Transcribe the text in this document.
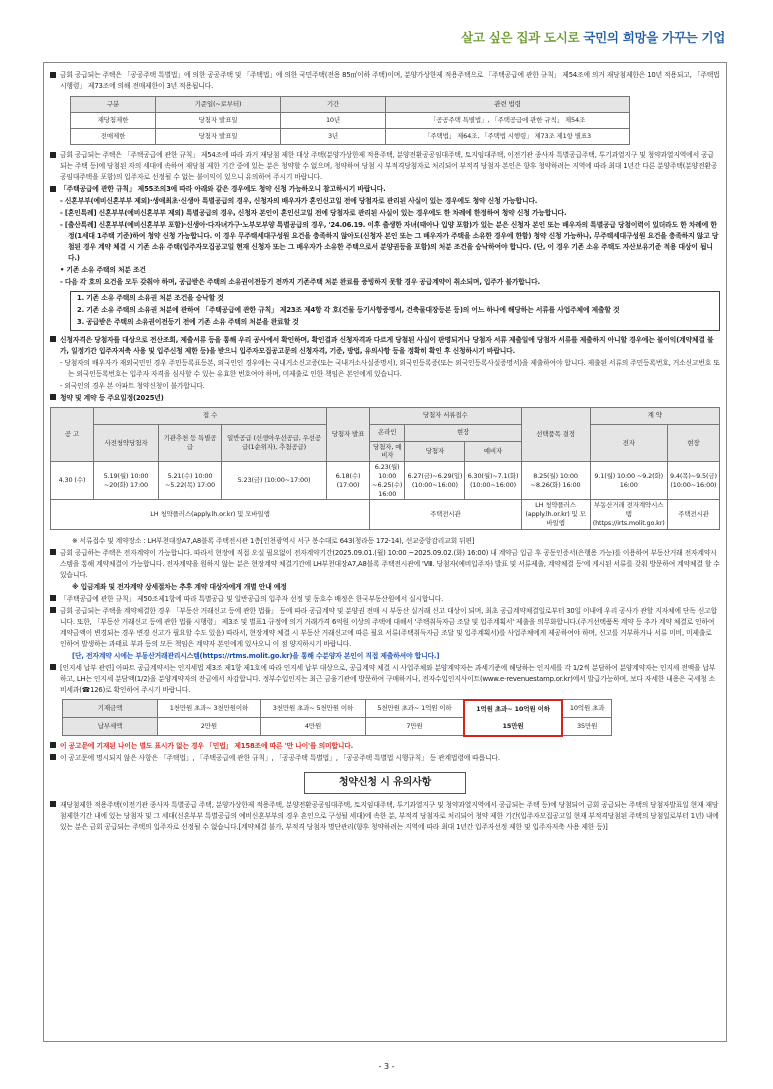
살고 싶은 집과 도시로 국민의 희망을 가꾸는 기업
금회 공급되는 주택은 「공공주택 특별법」에 의한 공공주택 및 「주택법」에 의한 국민주택(전용 85㎡이하 주택)이며, 분양가상한제 적용주택으로 「주택공급에 관한 규칙」 제54조에 의거 재당첨제한은 10년 적용되고, 「주택법 시행령」 제73조에 의해 전매제한이 3년 적용됩니다.
구분	기준일(~로부터)	기간	관련 법령
재당첨제한	당첨자 발표일	10년	「공공주택 특별법」, 「주택공급에 관한 규칙」 제54조
전매제한	당첨자 발표일	3년	「주택법」 제64조, 「주택법 시행령」 제73조 제1항 별표3
금회 공급되는 주택은 「주택공급에 관한 규칙」 제54조에 따라 과거 재당첨 제한 대상 주택(분양가상한제 적용주택, 분양전환공공임대주택, 토지임대주택, 이전기관 종사자 특별공급주택, 투기과열지구 및 청약과열지역에서 공급되는 주택 등)에 당첨된 자의 세대에 속하여 재당첨 제한 기간 중에 있는 분은 청약할 수 없으며, 청약하여 당첨 시 부적격당첨자로 처리되어 부적격 당첨자 본인은 향후 청약하려는 지역에 따라 최대 1년간 다른 분양주택(분양전환공공임대주택을 포함)의 입주자로 선정될 수 없는 불이익이 있으니 유의하여 주시기 바랍니다.
「주택공급에 관한 규칙」 제55조의3에 따라 아래와 같은 경우에도 청약 신청 가능하오니 참고하시기 바랍니다.
- 신혼부부(예비신혼부부 제외)·생애최초·신생아 특별공급의 경우, 신청자의 배우자가 혼인신고일 전에 당첨자로 관리된 사실이 있는 경우에도 청약 신청 가능합니다.
- [혼인특례] 신혼부부(예비신혼부부 제외) 특별공급의 경우, 신청자 본인이 혼인신고일 전에 당첨자로 관리된 사실이 있는 경우에도 한 차례에 한정하여 청약 신청 가능합니다.
- [출산특례] 신혼부부(예비신혼부부 포함)·신생아·다자녀가구·노부모부양 특별공급의 경우, '24.06.19. 이후 출생한 자녀(태아나 입양 포함)가 있는 분은 신청자 본인 또는 배우자의 특별공급 당첨이력이 있더라도 한 차례에 한정(1세대 1주택 기준)하여 청약 신청 가능합니다. 이 경우 무주택세대구성원 요건을 충족하지 않아도(신청자 본인 또는 그 배우자가 주택을 소유한 경우에 한함) 청약 신청 가능하나, 무주택세대구성원 요건을 충족하지 않고 당첨된 경우 계약 체결 시 기존 소유 주택(입주자모집공고일 현재 신청자 또는 그 배우자가 소유한 주택으로서 분양권등을 포함)의 처분 조건을 승낙하여야 합니다. (단, 이 경우 기존 소유 주택도 자산보유기준 적용 대상이 됩니다.)
• 기존 소유 주택의 처분 조건
- 다음 각 호의 요건을 모두 갖춰야 하며, 공급받은 주택의 소유권이전등기 전까지 기존주택 처분 완료를 증빙하지 못할 경우 공급계약이 취소되며, 입주가 불가합니다.
1. 기존 소유 주택의 소유권 처분 조건을 승낙할 것
2. 기존 소유 주택의 소유권 처분에 관하여 「주택공급에 관한 규칙」 제23조 제4항 각 호(건물 등기사항증명서, 건축물대장등본 등)의 어느 하나에 해당하는 서류를 사업주체에 제출할 것
3. 공급받은 주택의 소유권이전등기 전에 기존 소유 주택의 처분을 완료할 것
신청자격은 당첨자를 대상으로 전산조회, 제출서류 등을 통해 우리 공사에서 확인하며, 확인결과 신청자격과 다르게 당첨된 사실이 판명되거나 당첨자 서류 제출일에 당첨자 서류를 제출하지 아니할 경우에는 불이익(계약체결 불가, 일정기간 입주자저축 사용 및 입주신청 제한 등)을 받으니 입주자모집공고문의 신청자격, 기준, 방법, 유의사항 등을 정확히 확인 후 신청하시기 바랍니다.
- 당첨자의 배우자가 재외국민인 경우 주민등록표등본, 외국인인 경우에는 국내거소신고증(또는 국내거소사실증명서), 외국인등록증(또는 외국인등록사실증명서)을 제출하여야 합니다. 제출된 서류의 주민등록번호, 거소신고번호 또는 외국인등록번호는 입주자 자격을 심사할 수 있는 유효한 번호여야 하며, 미제출로 인한 책임은 본인에게 있습니다.
- 외국인의 경우 본 아파트 청약신청이 불가합니다.
청약 및 계약 등 주요일정(2025년)
공 고	접 수			당첨자 발표	당첨자 서류접수			선택품목 결정	계 약	
	사전청약당첨자	기관추천 등 특별공급	일반공급 (신생아우선공급, 우선공급(1순위자), 추첨공급)		온라인	현장			전자	현장
					당첨자, 예비자	당첨자	예비자			
4.30 (수)	5.19(월) 10:00 ~20(화) 17:00	5.21(수) 10:00 ~5.22(목) 17:00	5.23(금) (10:00~17:00)	6.18(수) (17:00)	6.23(월) 10:00 ~6.25(수) 16:00	6.27(금)~6.29(일) (10:00~16:00)	6.30(월)~7.1(화) (10:00~16:00)	8.25(월) 10:00 ~8.26(화) 16:00	9.1(월) 10:00 ~9.2(화) 16:00	9.4(목)~9.5(금) (10:00~16:00)
LH 청약플러스(apply.lh.or.kr) 및 모바일앱					주택전시관			LH 청약플러스 (apply.lh.or.kr) 및 모바일앱	부동산거래 전자계약시스템 (https://irts.molit.go.kr)	주택전시관
※ 서류접수 및 계약장소 : LH부천대장A7,A8블록 주택전시관 1층[인천광역시 서구 봉수대로 643(청라동 172-14), 선교중앙감리교회 뒤편]
금회 공급하는 주택은 전자계약이 가능합니다. 따라서 현장에 직접 오실 필요없이 전자계약기간(2025.09.01.(월) 10:00 ~2025.09.02.(화) 16:00) 내 계약금 입금 후 공동인증서(은행용 가능)를 이용하여 부동산거래 전자계약시스템을 통해 계약체결이 가능합니다. 전자계약을 원하지 않는 분은 현장계약 체결기간에 LH부천대장A7,A8블록 주택전시관에 'Ⅷ. 당첨자(예비입주자) 발표 및 서류제출, 계약체결 등'에 게시된 서류를 갖춰 방문하여 계약체결 할 수 있습니다.
※ 입금계좌 및 전자계약 상세절차는 추후 계약 대상자에게 개별 안내 예정
「주택공급에 관한 규칙」 제50조제1항에 따라 특별공급 및 일반공급의 입주자 선정 및 동호수 배정은 한국부동산원에서 실시합니다.
금회 공급되는 주택을 계약체결한 경우 「부동산 거래신고 등에 관한 법률」 등에 따라 공급계약 및 분양권 전매 시 부동산 실거래 신고 대상이 되며, 최초 공급계약체결일로부터 30일 이내에 우리 공사가 관할 지자체에 단독 신고합니다. 또한, 「부동산 거래신고 등에 관한 법률 시행령」 제3조 및 별표1 규정에 의거 거래가격 6억원 이상의 주택에 대해서 '주택취득자금 조달 및 입주계획서' 제출을 의무화합니다.(주거선택품목 계약 등 추가 계약 체결로 인하여 계약금액이 변경되는 경우 변경 신고가 필요할 수도 있음) 따라서, 현장계약 체결 시 부동산 거래신고에 따른 필요 서류(주택취득자금 조달 및 입주계획서)를 사업주체에게 제공하여야 하며, 신고를 거부하거나 서류 미비, 미제출로 인하여 발생하는 과태료 부과 등의 모든 책임은 계약자 본인에게 있사오니 이 점 양지하시기 바랍니다.
[단, 전자계약 시에는 부동산거래관리시스템(https://rtms.molit.go.kr)을 통해 수분양자 본인이 직접 제출하셔야 합니다.]
[인지세 납부 관련] 아파트 공급계약서는 인지세법 제3조 제1항 제1호에 따라 인지세 납부 대상으로, 공급계약 체결 시 사업주체와 분양계약자는 과세기준에 해당하는 인지세를 각 1/2씩 분담하여 분양계약자는 인지세 전액을 납부하고, LH는 인지세 분담액(1/2)을 분양계약자의 잔금에서 차감합니다. 정부수입인지는 최근 금융기관에 방문하여 구매하거나, 전자수입인지사이트(www.e-revenuestamp.or.kr)에서 발급가능하며, 보다 자세한 내용은 국세청 소비세과(☎126)로 확인하여 주시기 바랍니다.
기재금액	1천만원 초과~ 3천만원이하	3천만원 초과~ 5천만원 이하	5천만원 초과~ 1억원 이하	1억원 초과~ 10억원 이하	10억원 초과
납부세액	2만원	4만원	7만원	15만원	35만원
이 공고문에 기재된 나이는 별도 표시가 없는 경우 「민법」 제158조에 따른 '만 나이'를 의미합니다.
이 공고문에 명시되지 않은 사항은 「주택법」, 「주택공급에 관한 규칙」, 「공공주택 특별법」, 「공공주택 특별법 시행규칙」 등 관계법령에 따릅니다.
청약신청 시 유의사항
재당첨제한 적용주택(이전기관 종사자 특별공급 주택, 분양가상한제 적용주택, 분양전환공공임대주택, 토지임대주택, 투기과열지구 및 청약과열지역에서 공급되는 주택 등)에 당첨되어 금회 공급되는 주택의 당첨자발표일 현재 재당첨제한기간 내에 있는 당첨자 및 그 세대(신혼부부 특별공급의 예비신혼부부의 경우 혼인으로 구성될 세대)에 속한 분, 부적격 당첨자로 처리되어 청약 제한 기간(입주자모집공고일 현재 부적격당첨된 주택의 당첨일로부터 1년) 내에 있는 분은 금회 공급되는 주택의 입주자로 선정될 수 없습니다.[계약체결 불가, 부적격 당첨자 명단관리(향후 청약하려는 지역에 따라 최대 1년간 입주자선정 제한 및 입주자저축 사용 제한 등)]
- 3 -
